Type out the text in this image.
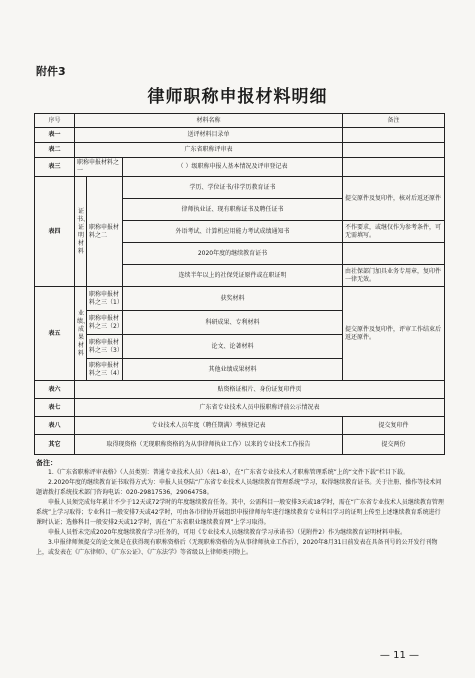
附件3
律师职称申报材料明细
序号	材料名称			备注
表一	送评材料目录单			
表二	广东省职称评审表			
表三	职称申报材料之一		（ ）级职称申报人基本情况及评审登记表	
表四	证书、证明材料	职称申报材料之二	学历、学位证书/非学历教育证书	提交原件及复印件，核对后返还原件
			律师执业证、现有职称证书及聘任证书	
			外语考试、计算机应用能力考试成绩通知书	不作要求，或继仅作为参考条件，可无需填写。
			2020年度的继续教育证书	
			连续半年以上的社保凭证原件或在职证明	由社保部门加具业务专用章，复印件一律无效。
表五	业绩、成果材料	职称申报材料之三（1）	获奖材料	提交原件及复印件，评审工作结束后返还原件。
		职称申报材料之三（2）	科研成果、专利材料	
		职称申报材料之三（3）	论文、论著材料	
		职称申报材料之三（4）	其他业绩成果材料	
表六	贴资格证相片、身份证复印件页			
表七	广东省专业技术人员申报职称评前公示情况表			
表八	专业技术人员年度（聘任期满）考核登记表			提交复印件
其它	取得现资格（无现职称资格的为从事律师执业工作）以来的专业技术工作报告			提交两份

备注：

1.《广东省职称评审表格》（人员类别：普通专业技术人员）（表1-8），在“广东省专业技术人才职称管理系统”上的“文件下载”栏目下载。

2.2020年度的继续教育证书取得方式为：申报人员登陆“广东省专业技术人员继续教育管理系统”学习，取得继续教育证书。关于注册、操作等技术问题请拨打系统技术部门咨询电话：020-29817536，29064758。

申报人员须完成每年累计不少于12天或72学时的年度继续教育任务。其中，公需科目一般安排3天或18学时，需在“广东省专业技术人员继续教育管理系统”上学习取得；专业科目一般安排7天或42学时，可由各市律协开展组织申报律师每年进行继续教育专业科目学习的证明上传至上述继续教育系统进行课时认证；选修科目一般安排2天或12学时，需在“广东省职业继续教育网”上学习取得。

申报人员暂未完成2020年度继续教育学习任务的，可用《专业技术人员继续教育学习承诺书》（见附件2）作为继续教育证明材料申报。

3.申报律师须提交的论文须是在获得现有职称资格后（无现职称资格的为从事律师执业工作后），2020年8月31日前发表在具备刊号的公开发行刊物上，或发表在《广东律师》、《广东公证》、《广东法学》等省级以上律师类刊物上。

— 11 —
